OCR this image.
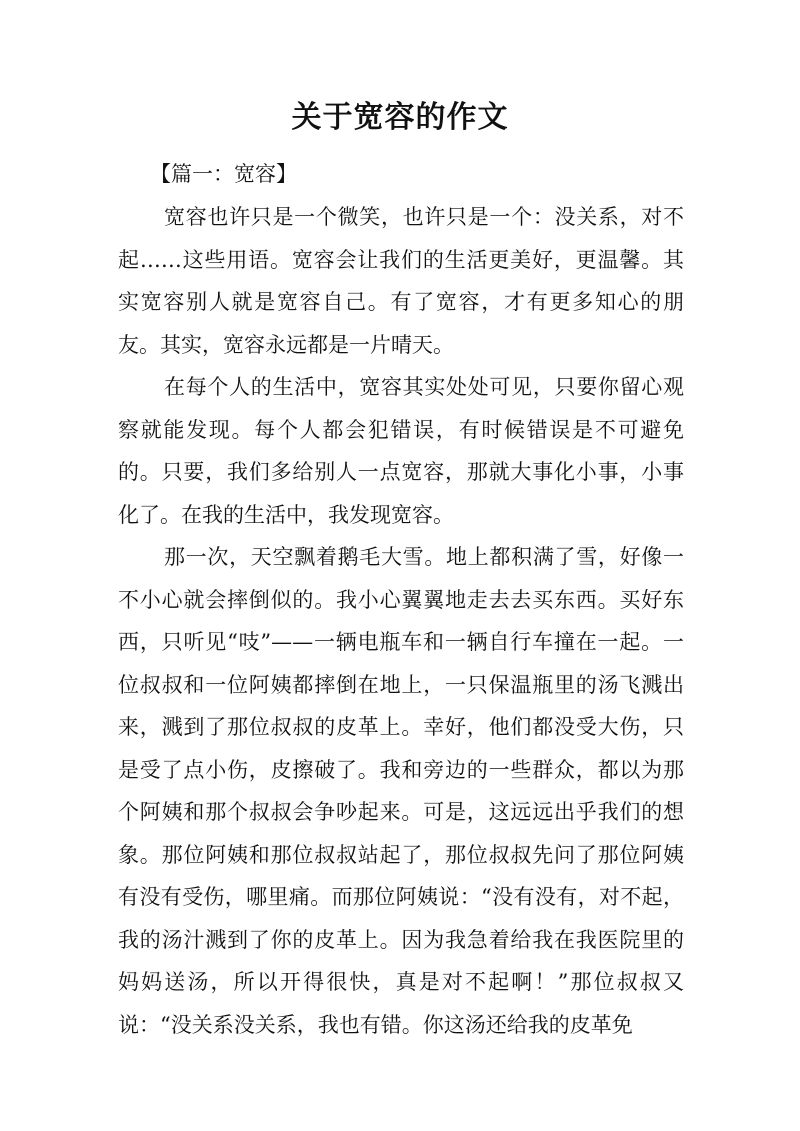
关于宽容的作文
【篇一：宽容】

宽容也许只是一个微笑，也许只是一个：没关系，对不起……这些用语。宽容会让我们的生活更美好，更温馨。其实宽容别人就是宽容自己。有了宽容，才有更多知心的朋友。其实，宽容永远都是一片晴天。

在每个人的生活中，宽容其实处处可见，只要你留心观察就能发现。每个人都会犯错误，有时候错误是不可避免的。只要，我们多给别人一点宽容，那就大事化小事，小事化了。在我的生活中，我发现宽容。

那一次，天空飘着鹅毛大雪。地上都积满了雪，好像一不小心就会摔倒似的。我小心翼翼地走去去买东西。买好东西，只听见“吱”——一辆电瓶车和一辆自行车撞在一起。一位叔叔和一位阿姨都摔倒在地上，一只保温瓶里的汤飞溅出来，溅到了那位叔叔的皮革上。幸好，他们都没受大伤，只是受了点小伤，皮擦破了。我和旁边的一些群众，都以为那个阿姨和那个叔叔会争吵起来。可是，这远远出乎我们的想象。那位阿姨和那位叔叔站起了，那位叔叔先问了那位阿姨有没有受伤，哪里痛。而那位阿姨说：“没有没有，对不起，我的汤汁溅到了你的皮革上。因为我急着给我在我医院里的妈妈送汤，所以开得很快，真是对不起啊！”那位叔叔又说：“没关系没关系，我也有错。你这汤还给我的皮革免
